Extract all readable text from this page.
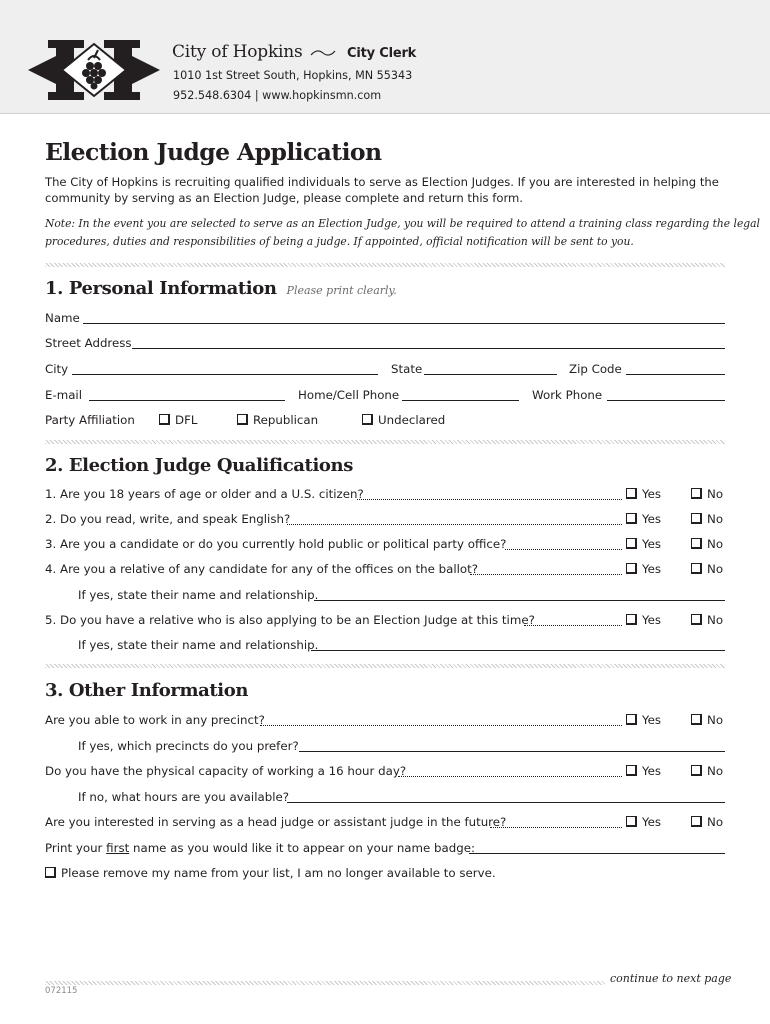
City of Hopkins	City Clerk
1010 1st Street South, Hopkins, MN 55343
952.548.6304 | www.hopkinsmn.com
Election Judge Application
The City of Hopkins is recruiting qualified individuals to serve as Election Judges. If you are interested in helping the
community by serving as an Election Judge, please complete and return this form.
Note: In the event you are selected to serve as an Election Judge, you will be required to attend a training class regarding the legal
procedures, duties and responsibilities of being a judge. If appointed, official notification will be sent to you.
1. Personal Information Please print clearly.
Name
Street Address
City	State	Zip Code
E-mail	Home/Cell Phone	Work Phone
Party Affiliation	DFL	Republican	Undeclared
2. Election Judge Qualifications
1. Are you 18 years of age or older and a U.S. citizen?	Yes	No
2. Do you read, write, and speak English?	Yes	No
3. Are you a candidate or do you currently hold public or political party office?	Yes	No
4. Are you a relative of any candidate for any of the offices on the ballot?	Yes	No
If yes, state their name and relationship.
5. Do you have a relative who is also applying to be an Election Judge at this time?	Yes	No
If yes, state their name and relationship.
3. Other Information
Are you able to work in any precinct?	Yes	No
If yes, which precincts do you prefer?
Do you have the physical capacity of working a 16 hour day?	Yes	No
If no, what hours are you available?
Are you interested in serving as a head judge or assistant judge in the future?	Yes	No
Print your first name as you would like it to appear on your name badge:
Please remove my name from your list, I am no longer available to serve.
continue to next page
072115
